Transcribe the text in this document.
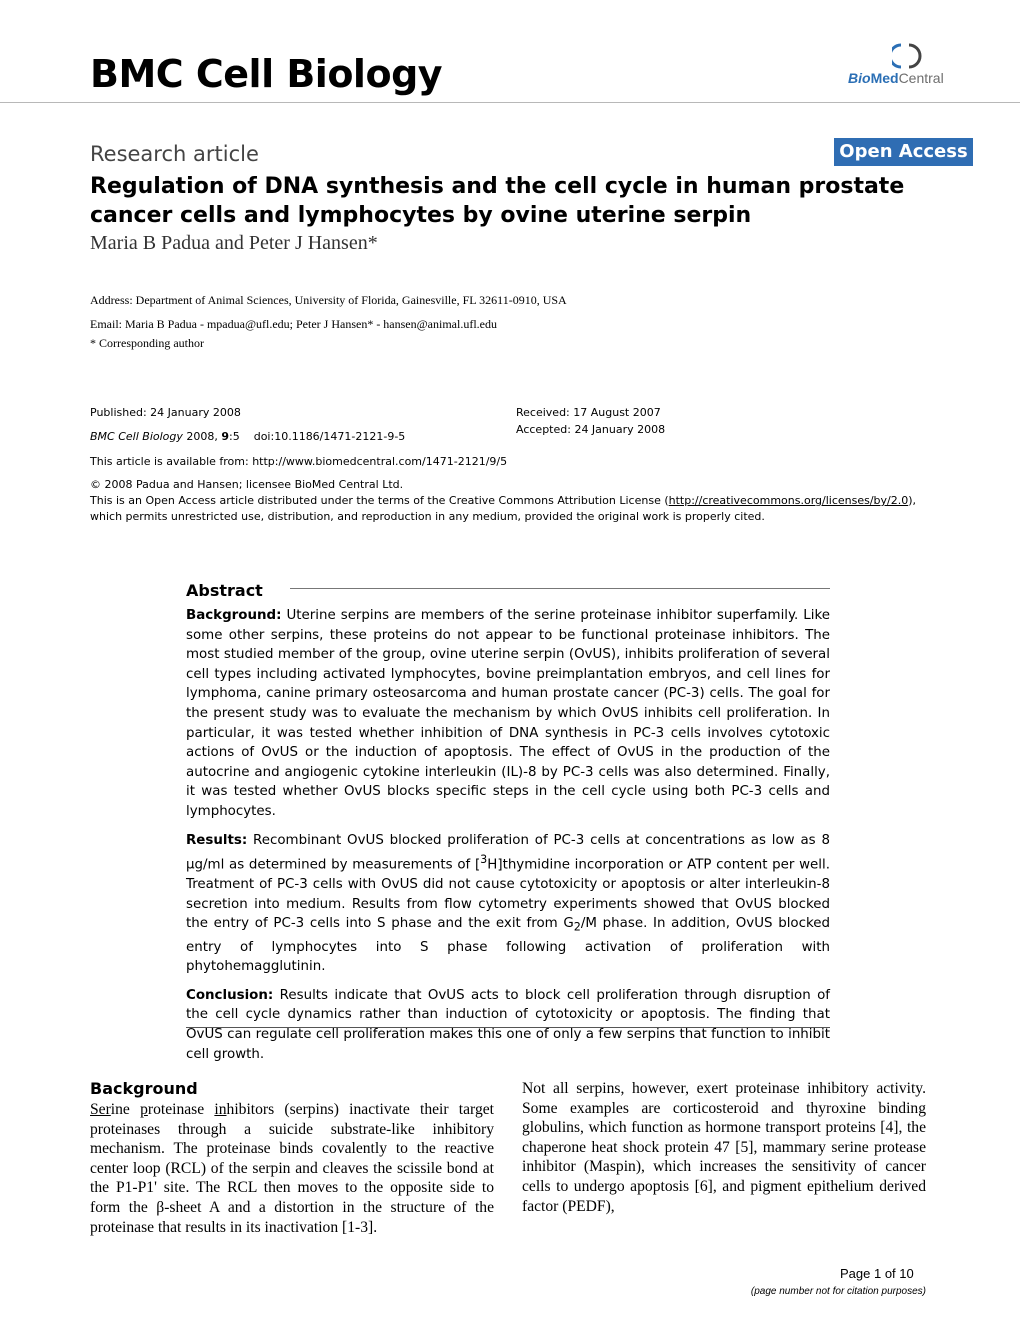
BMC Cell Biology	BioMedCentral
Research article	Open Access
Regulation of DNA synthesis and the cell cycle in human prostate cancer cells and lymphocytes by ovine uterine serpin
Maria B Padua and Peter J Hansen*
Address: Department of Animal Sciences, University of Florida, Gainesville, FL 32611-0910, USA
Email: Maria B Padua - mpadua@ufl.edu; Peter J Hansen* - hansen@animal.ufl.edu
* Corresponding author
Published: 24 January 2008
BMC Cell Biology 2008, 9:5    doi:10.1186/1471-2121-9-5
Received: 17 August 2007
Accepted: 24 January 2008
This article is available from: http://www.biomedcentral.com/1471-2121/9/5
© 2008 Padua and Hansen; licensee BioMed Central Ltd.
This is an Open Access article distributed under the terms of the Creative Commons Attribution License (http://creativecommons.org/licenses/by/2.0),
which permits unrestricted use, distribution, and reproduction in any medium, provided the original work is properly cited.
Abstract

Background: Uterine serpins are members of the serine proteinase inhibitor superfamily. Like some other serpins, these proteins do not appear to be functional proteinase inhibitors. The most studied member of the group, ovine uterine serpin (OvUS), inhibits proliferation of several cell types including activated lymphocytes, bovine preimplantation embryos, and cell lines for lymphoma, canine primary osteosarcoma and human prostate cancer (PC-3) cells. The goal for the present study was to evaluate the mechanism by which OvUS inhibits cell proliferation. In particular, it was tested whether inhibition of DNA synthesis in PC-3 cells involves cytotoxic actions of OvUS or the induction of apoptosis. The effect of OvUS in the production of the autocrine and angiogenic cytokine interleukin (IL)-8 by PC-3 cells was also determined. Finally, it was tested whether OvUS blocks specific steps in the cell cycle using both PC-3 cells and lymphocytes.

Results: Recombinant OvUS blocked proliferation of PC-3 cells at concentrations as low as 8 μg/ml as determined by measurements of [$^3$H]thymidine incorporation or ATP content per well. Treatment of PC-3 cells with OvUS did not cause cytotoxicity or apoptosis or alter interleukin-8 secretion into medium. Results from flow cytometry experiments showed that OvUS blocked the entry of PC-3 cells into S phase and the exit from $G_2/M$ phase. In addition, OvUS blocked entry of lymphocytes into S phase following activation of proliferation with phytohemagglutinin.

Conclusion: Results indicate that OvUS acts to block cell proliferation through disruption of the cell cycle dynamics rather than induction of cytotoxicity or apoptosis. The finding that OvUS can regulate cell proliferation makes this one of only a few serpins that function to inhibit cell growth.

Background
Serine proteinase inhibitors (serpins) inactivate their target proteinases through a suicide substrate-like inhibitory mechanism. The proteinase binds covalently to the reactive center loop (RCL) of the serpin and cleaves the scissile bond at the P1-P1' site. The RCL then moves to the opposite side to form the β-sheet A and a distortion in the structure of the proteinase that results in its inactivation [1-3].
Not all serpins, however, exert proteinase inhibitory activity. Some examples are corticosteroid and thyroxine binding globulins, which function as hormone transport proteins [4], the chaperone heat shock protein 47 [5], mammary serine protease inhibitor (Maspin), which increases the sensitivity of cancer cells to undergo apoptosis [6], and pigment epithelium derived factor (PEDF),
Page 1 of 10
(page number not for citation purposes)
